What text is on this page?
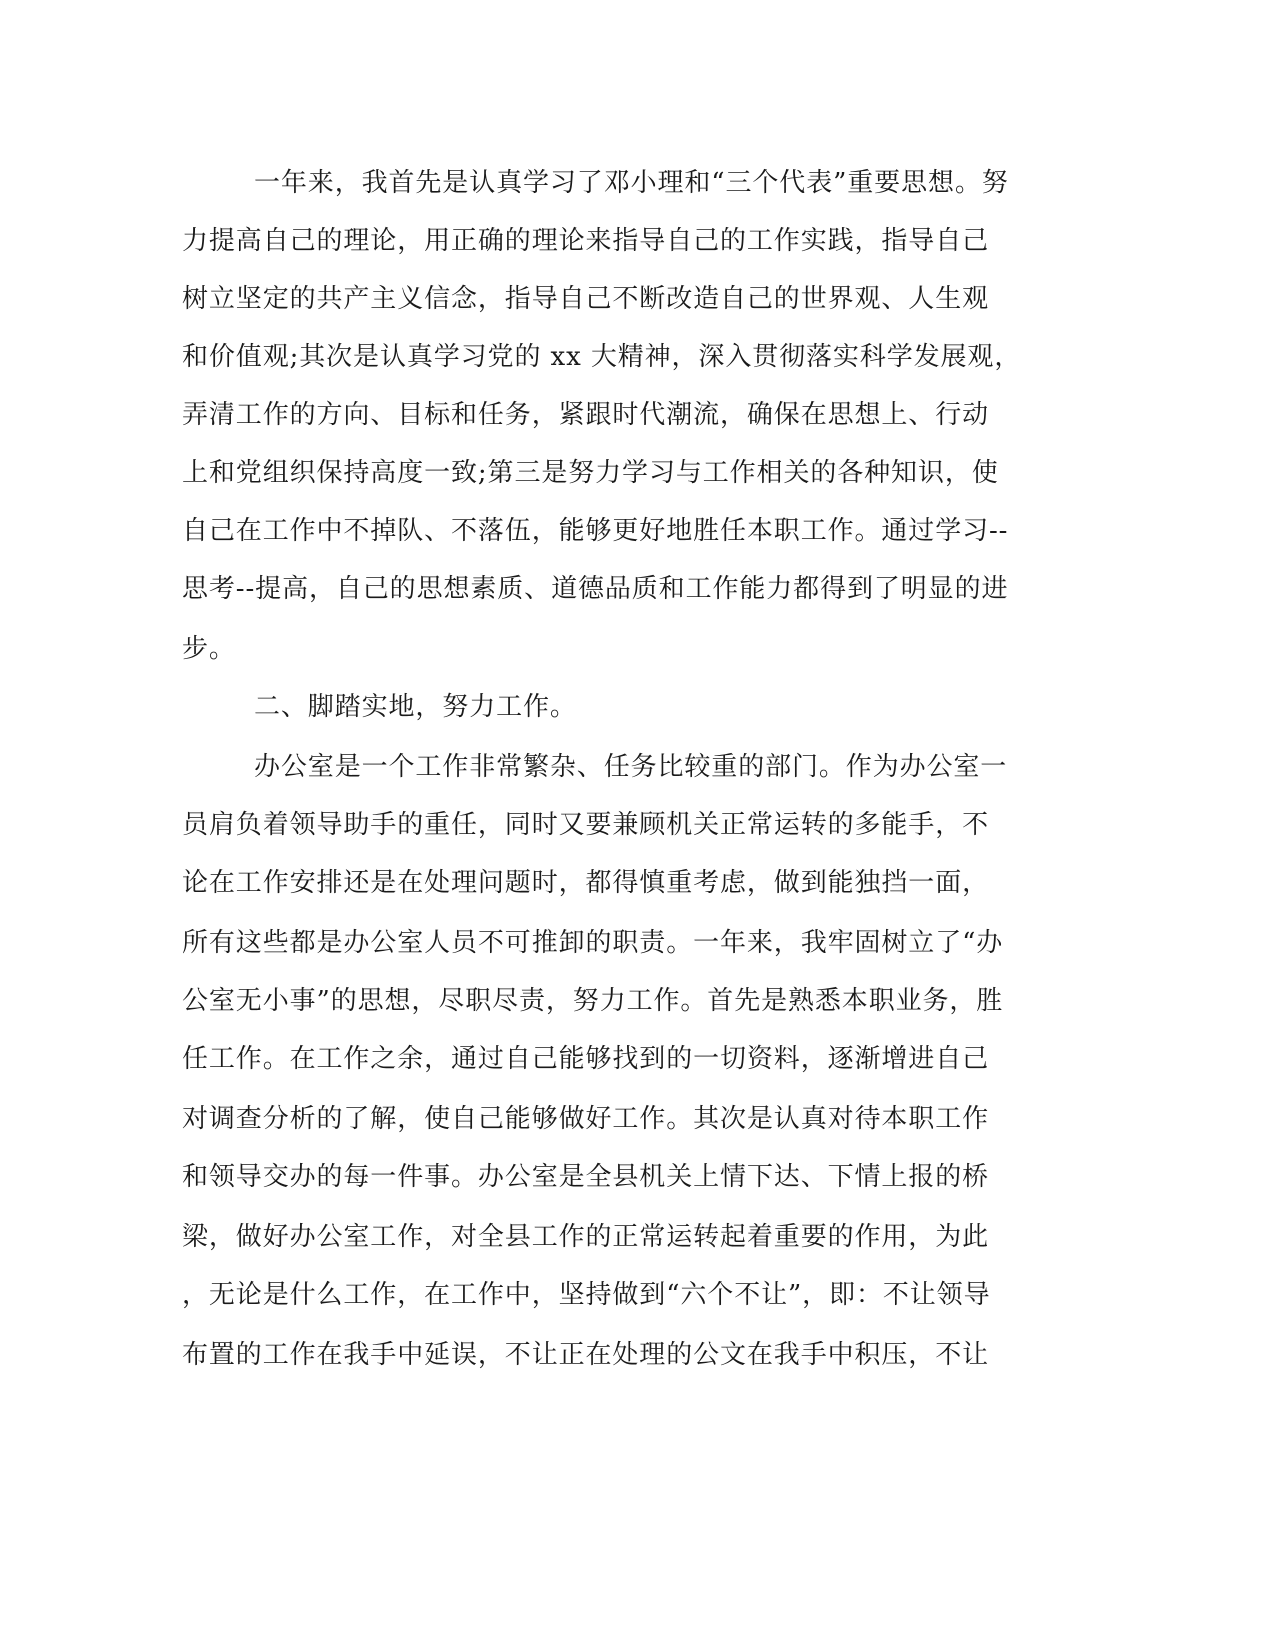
一年来，我首先是认真学习了邓小理和“三个代表”重要思想。努

力提高自己的理论，用正确的理论来指导自己的工作实践，指导自己

树立坚定的共产主义信念，指导自己不断改造自己的世界观、人生观

和价值观;其次是认真学习党的 xx 大精神，深入贯彻落实科学发展观，

弄清工作的方向、目标和任务，紧跟时代潮流，确保在思想上、行动

上和党组织保持高度一致;第三是努力学习与工作相关的各种知识，使

自己在工作中不掉队、不落伍，能够更好地胜任本职工作。通过学习--

思考--提高，自己的思想素质、道德品质和工作能力都得到了明显的进

步。

二、脚踏实地，努力工作。

办公室是一个工作非常繁杂、任务比较重的部门。作为办公室一

员肩负着领导助手的重任，同时又要兼顾机关正常运转的多能手，不

论在工作安排还是在处理问题时，都得慎重考虑，做到能独挡一面，

所有这些都是办公室人员不可推卸的职责。一年来，我牢固树立了“办

公室无小事”的思想，尽职尽责，努力工作。首先是熟悉本职业务，胜

任工作。在工作之余，通过自己能够找到的一切资料，逐渐增进自己

对调查分析的了解，使自己能够做好工作。其次是认真对待本职工作

和领导交办的每一件事。办公室是全县机关上情下达、下情上报的桥

梁，做好办公室工作，对全县工作的正常运转起着重要的作用，为此

，无论是什么工作，在工作中，坚持做到“六个不让”，即：不让领导

布置的工作在我手中延误，不让正在处理的公文在我手中积压，不让
